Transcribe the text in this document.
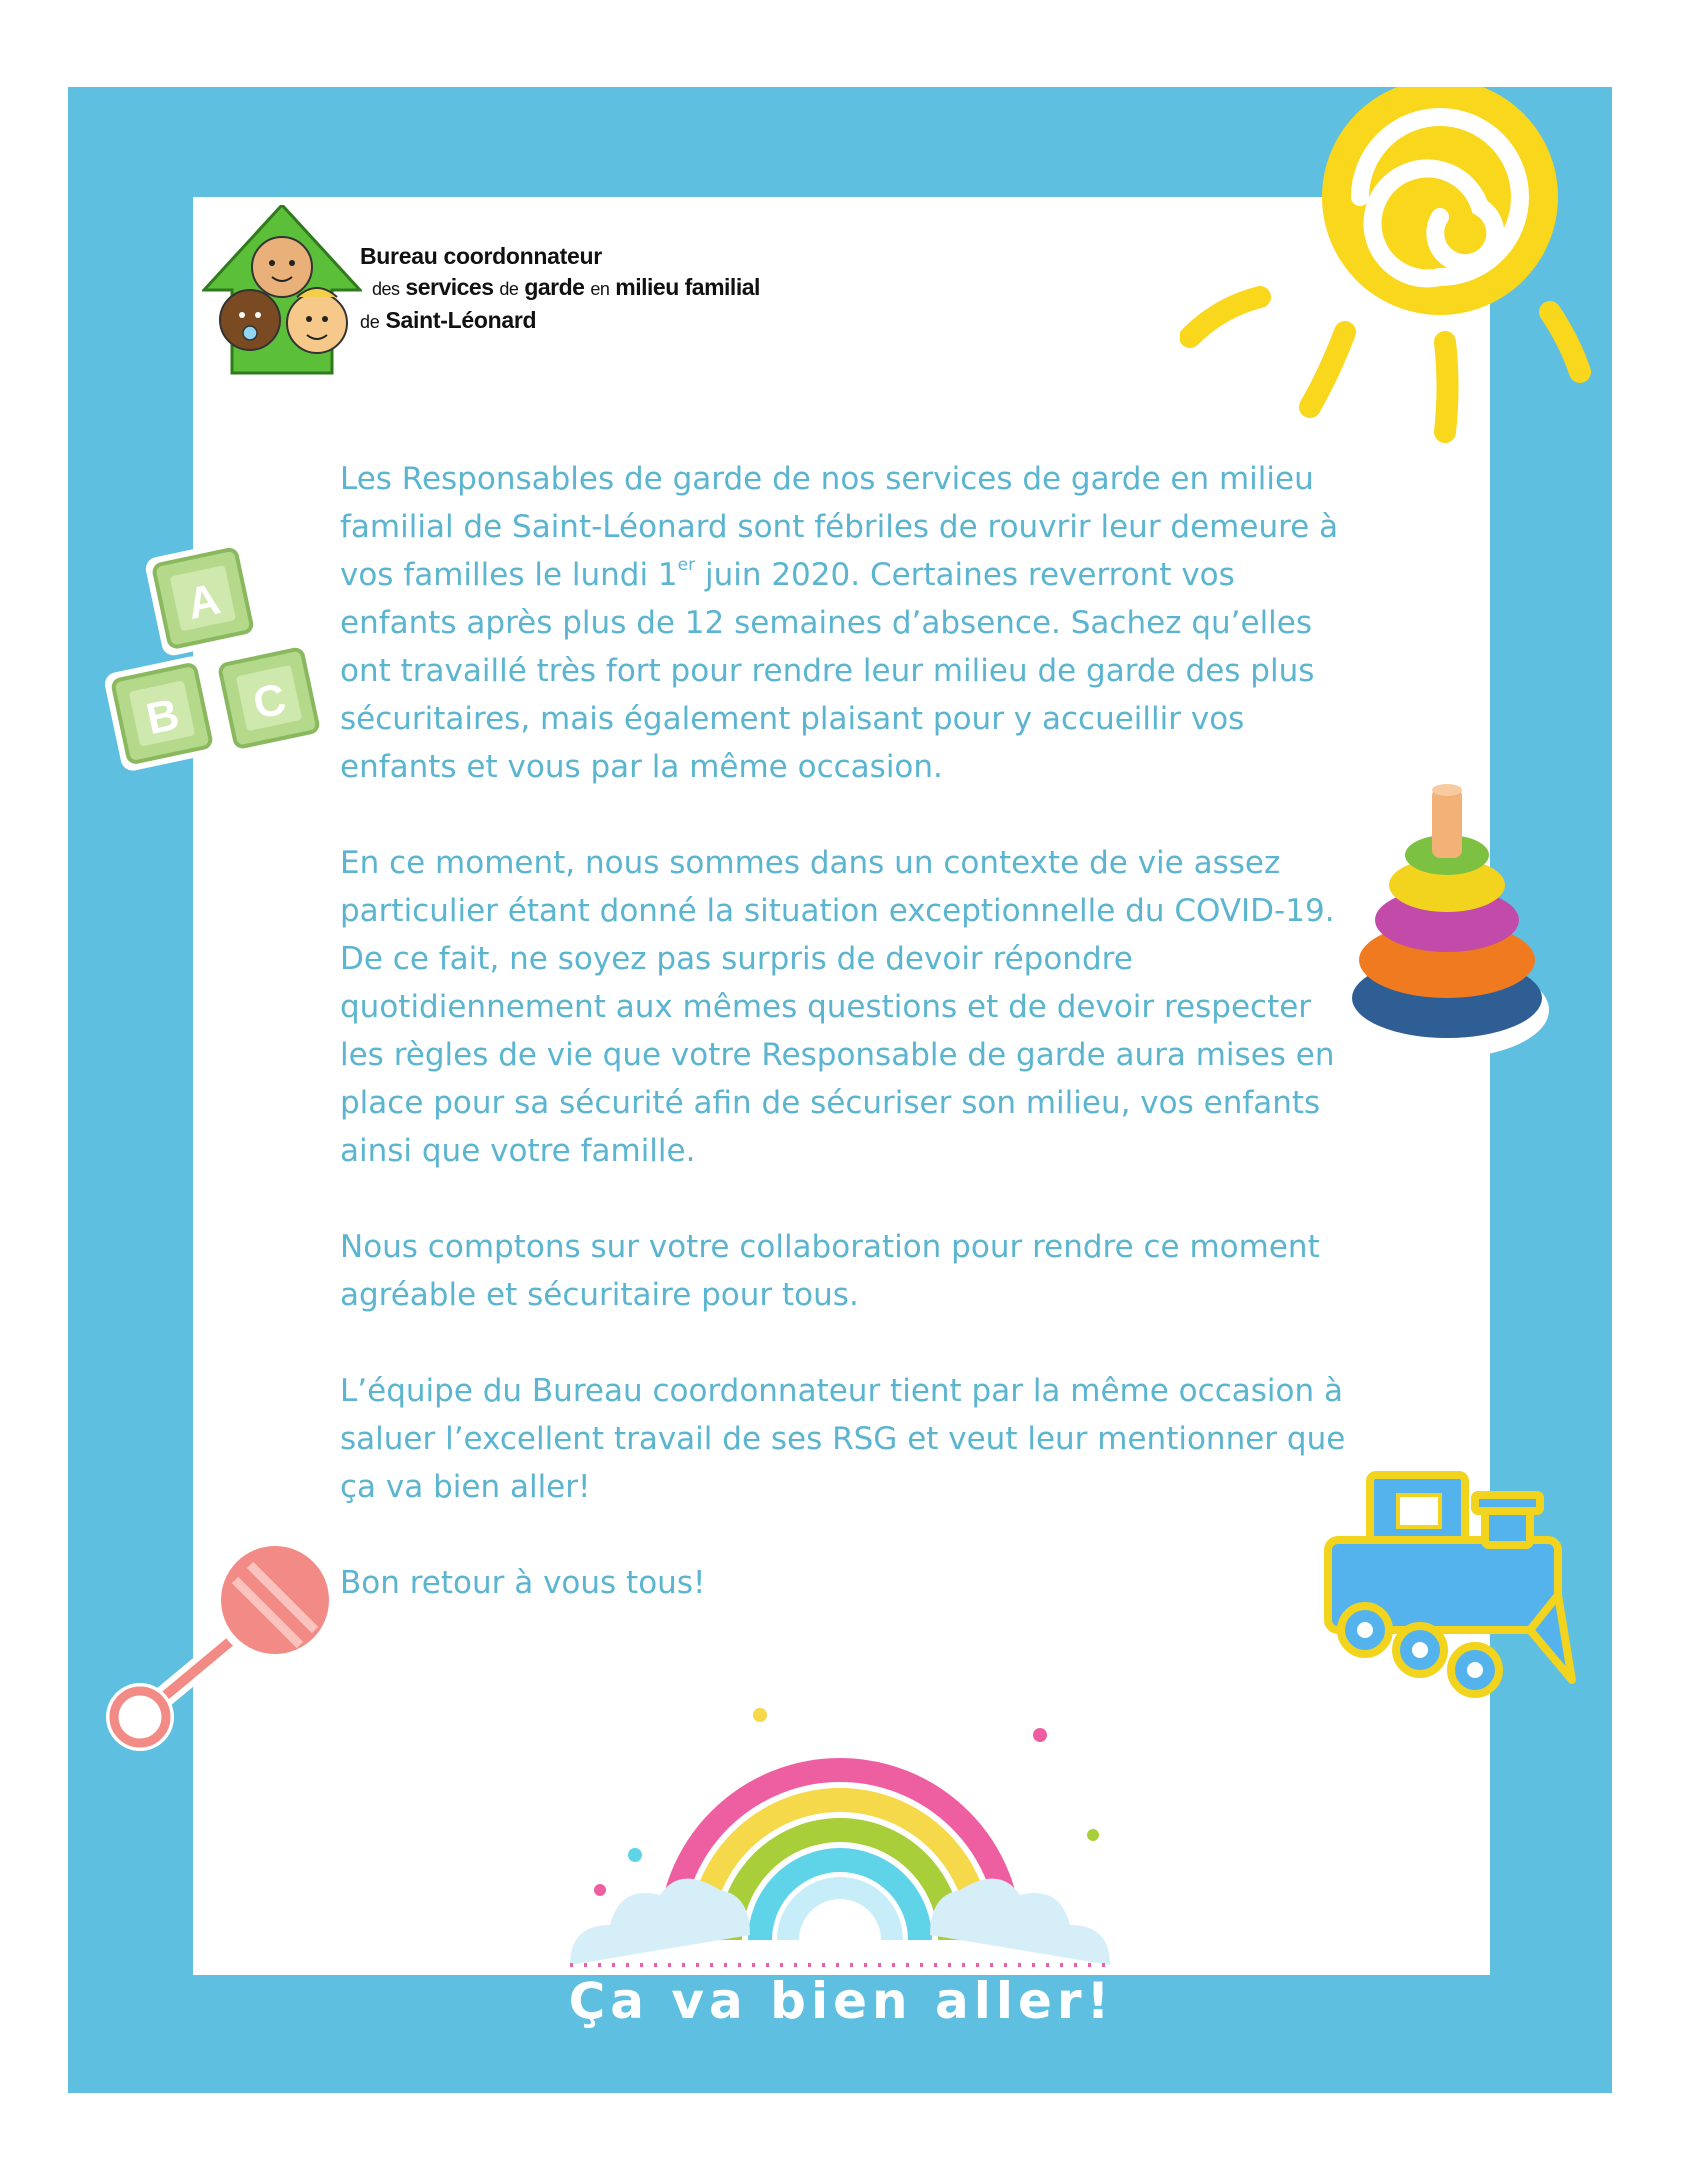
Bureau coordonnateur
des services de garde en milieu familial
de Saint-Léonard
A
B C

Les Responsables de garde de nos services de garde en milieu familial de Saint-Léonard sont fébriles de rouvrir leur demeure à vos familles le lundi 1er juin 2020. Certaines reverront vos enfants après plus de 12 semaines d’absence. Sachez qu’elles ont travaillé très fort pour rendre leur milieu de garde des plus sécuritaires, mais également plaisant pour y accueillir vos enfants et vous par la même occasion.

En ce moment, nous sommes dans un contexte de vie assez particulier étant donné la situation exceptionnelle du COVID-19. De ce fait, ne soyez pas surpris de devoir répondre quotidiennement aux mêmes questions et de devoir respecter les règles de vie que votre Responsable de garde aura mises en place pour sa sécurité afin de sécuriser son milieu, vos enfants ainsi que votre famille.

Nous comptons sur votre collaboration pour rendre ce moment agréable et sécuritaire pour tous.

L’équipe du Bureau coordonnateur tient par la même occasion à saluer l’excellent travail de ses RSG et veut leur mentionner que ça va bien aller!

Bon retour à vous tous!

Ça va bien aller!
